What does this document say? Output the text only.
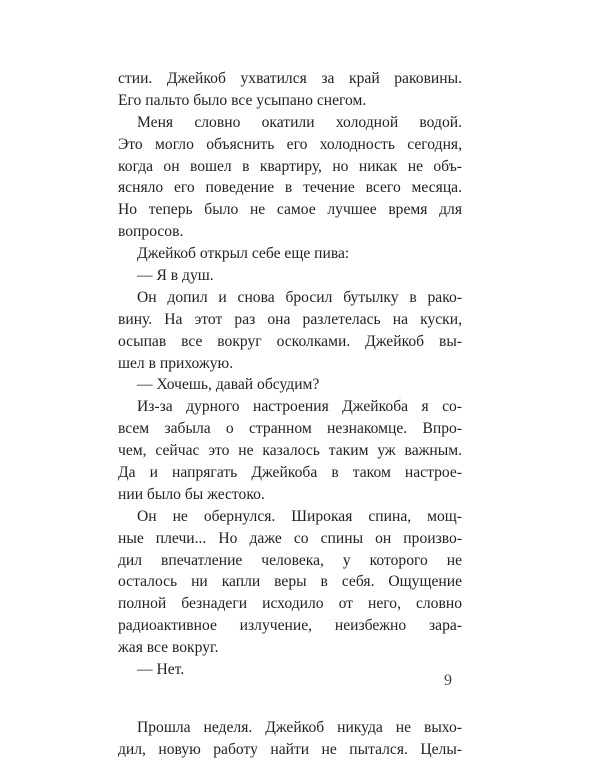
стии. Джейкоб ухватился за край раковины.
Его пальто было все усыпано снегом.
Меня словно окатили холодной водой.
Это могло объяснить его холодность сегодня,
когда он вошел в квартиру, но никак не объ-
ясняло его поведение в течение всего месяца.
Но теперь было не самое лучшее время для
вопросов.
Джейкоб открыл себе еще пива:
— Я в душ.
Он допил и снова бросил бутылку в рако-
вину. На этот раз она разлетелась на куски,
осыпав все вокруг осколками. Джейкоб вы-
шел в прихожую.
— Хочешь, давай обсудим?
Из-за дурного настроения Джейкоба я со-
всем забыла о странном незнакомце. Впро-
чем, сейчас это не казалось таким уж важным.
Да и напрягать Джейкоба в таком настрое-
нии было бы жестоко.
Он не обернулся. Широкая спина, мощ-
ные плечи... Но даже со спины он произво-
дил впечатление человека, у которого не
осталось ни капли веры в себя. Ощущение
полной безнадеги исходило от него, словно
радиоактивное излучение, неизбежно зара-
жая все вокруг.
— Нет.
Прошла неделя. Джейкоб никуда не выхо-
дил, новую работу найти не пытался. Целы-
9
